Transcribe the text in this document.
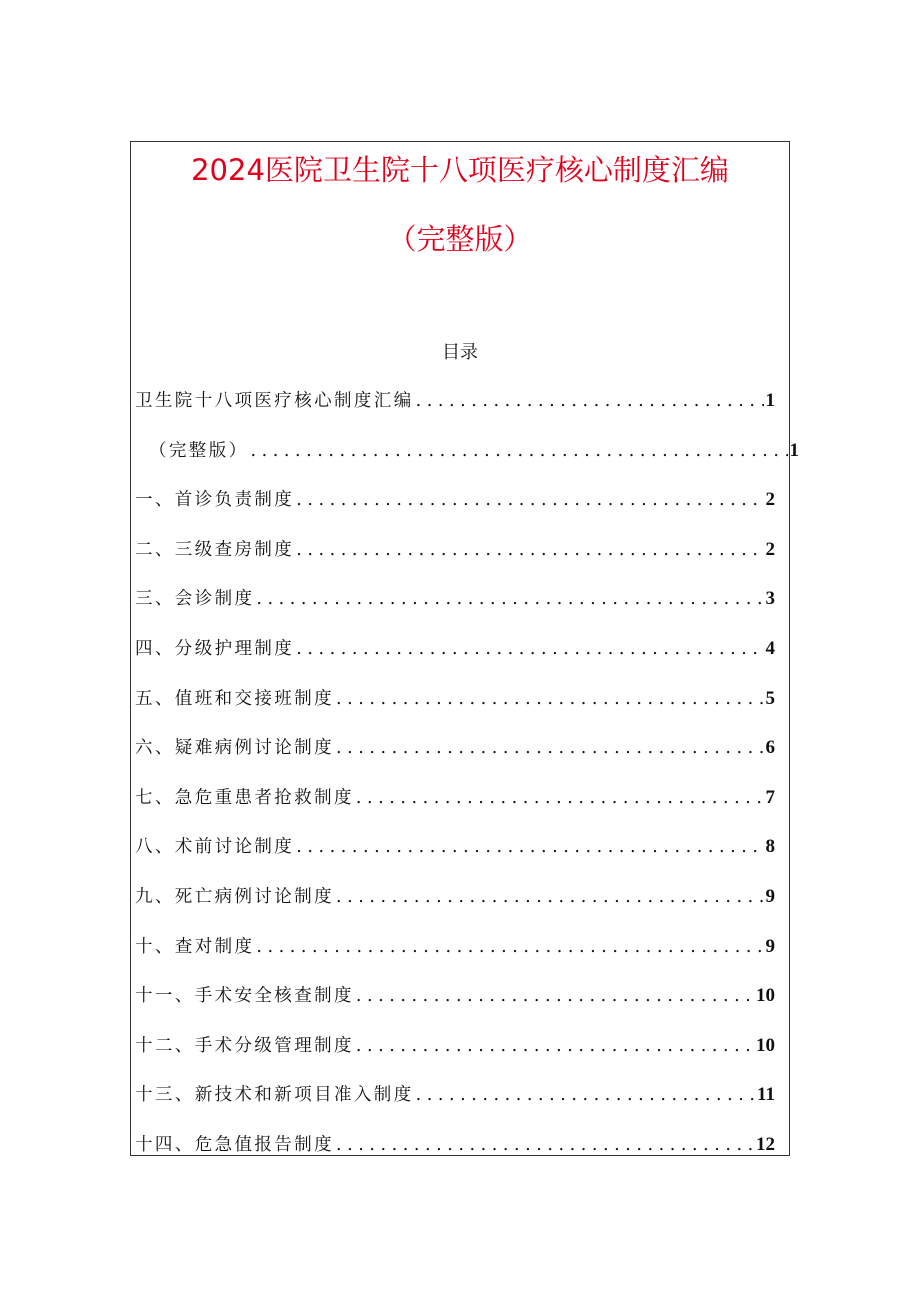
2024医院卫生院十八项医疗核心制度汇编
（完整版）
目录
卫生院十八项医疗核心制度汇编 . . .	1
（完整版） . . .	1
一、首诊负责制度 . . .	2
二、三级查房制度 . . .	2
三、会诊制度 . . .	3
四、分级护理制度 . . .	4
五、值班和交接班制度 . . .	5
六、疑难病例讨论制度 . . .	6
七、急危重患者抢救制度 . . .	7
八、术前讨论制度 . . .	8
九、死亡病例讨论制度 . . .	9
十、查对制度 . . .	9
十一、手术安全核查制度 . . .	10
十二、手术分级管理制度 . . .	10
十三、新技术和新项目准入制度 . . .	11
十四、危急值报告制度 . . .	12
